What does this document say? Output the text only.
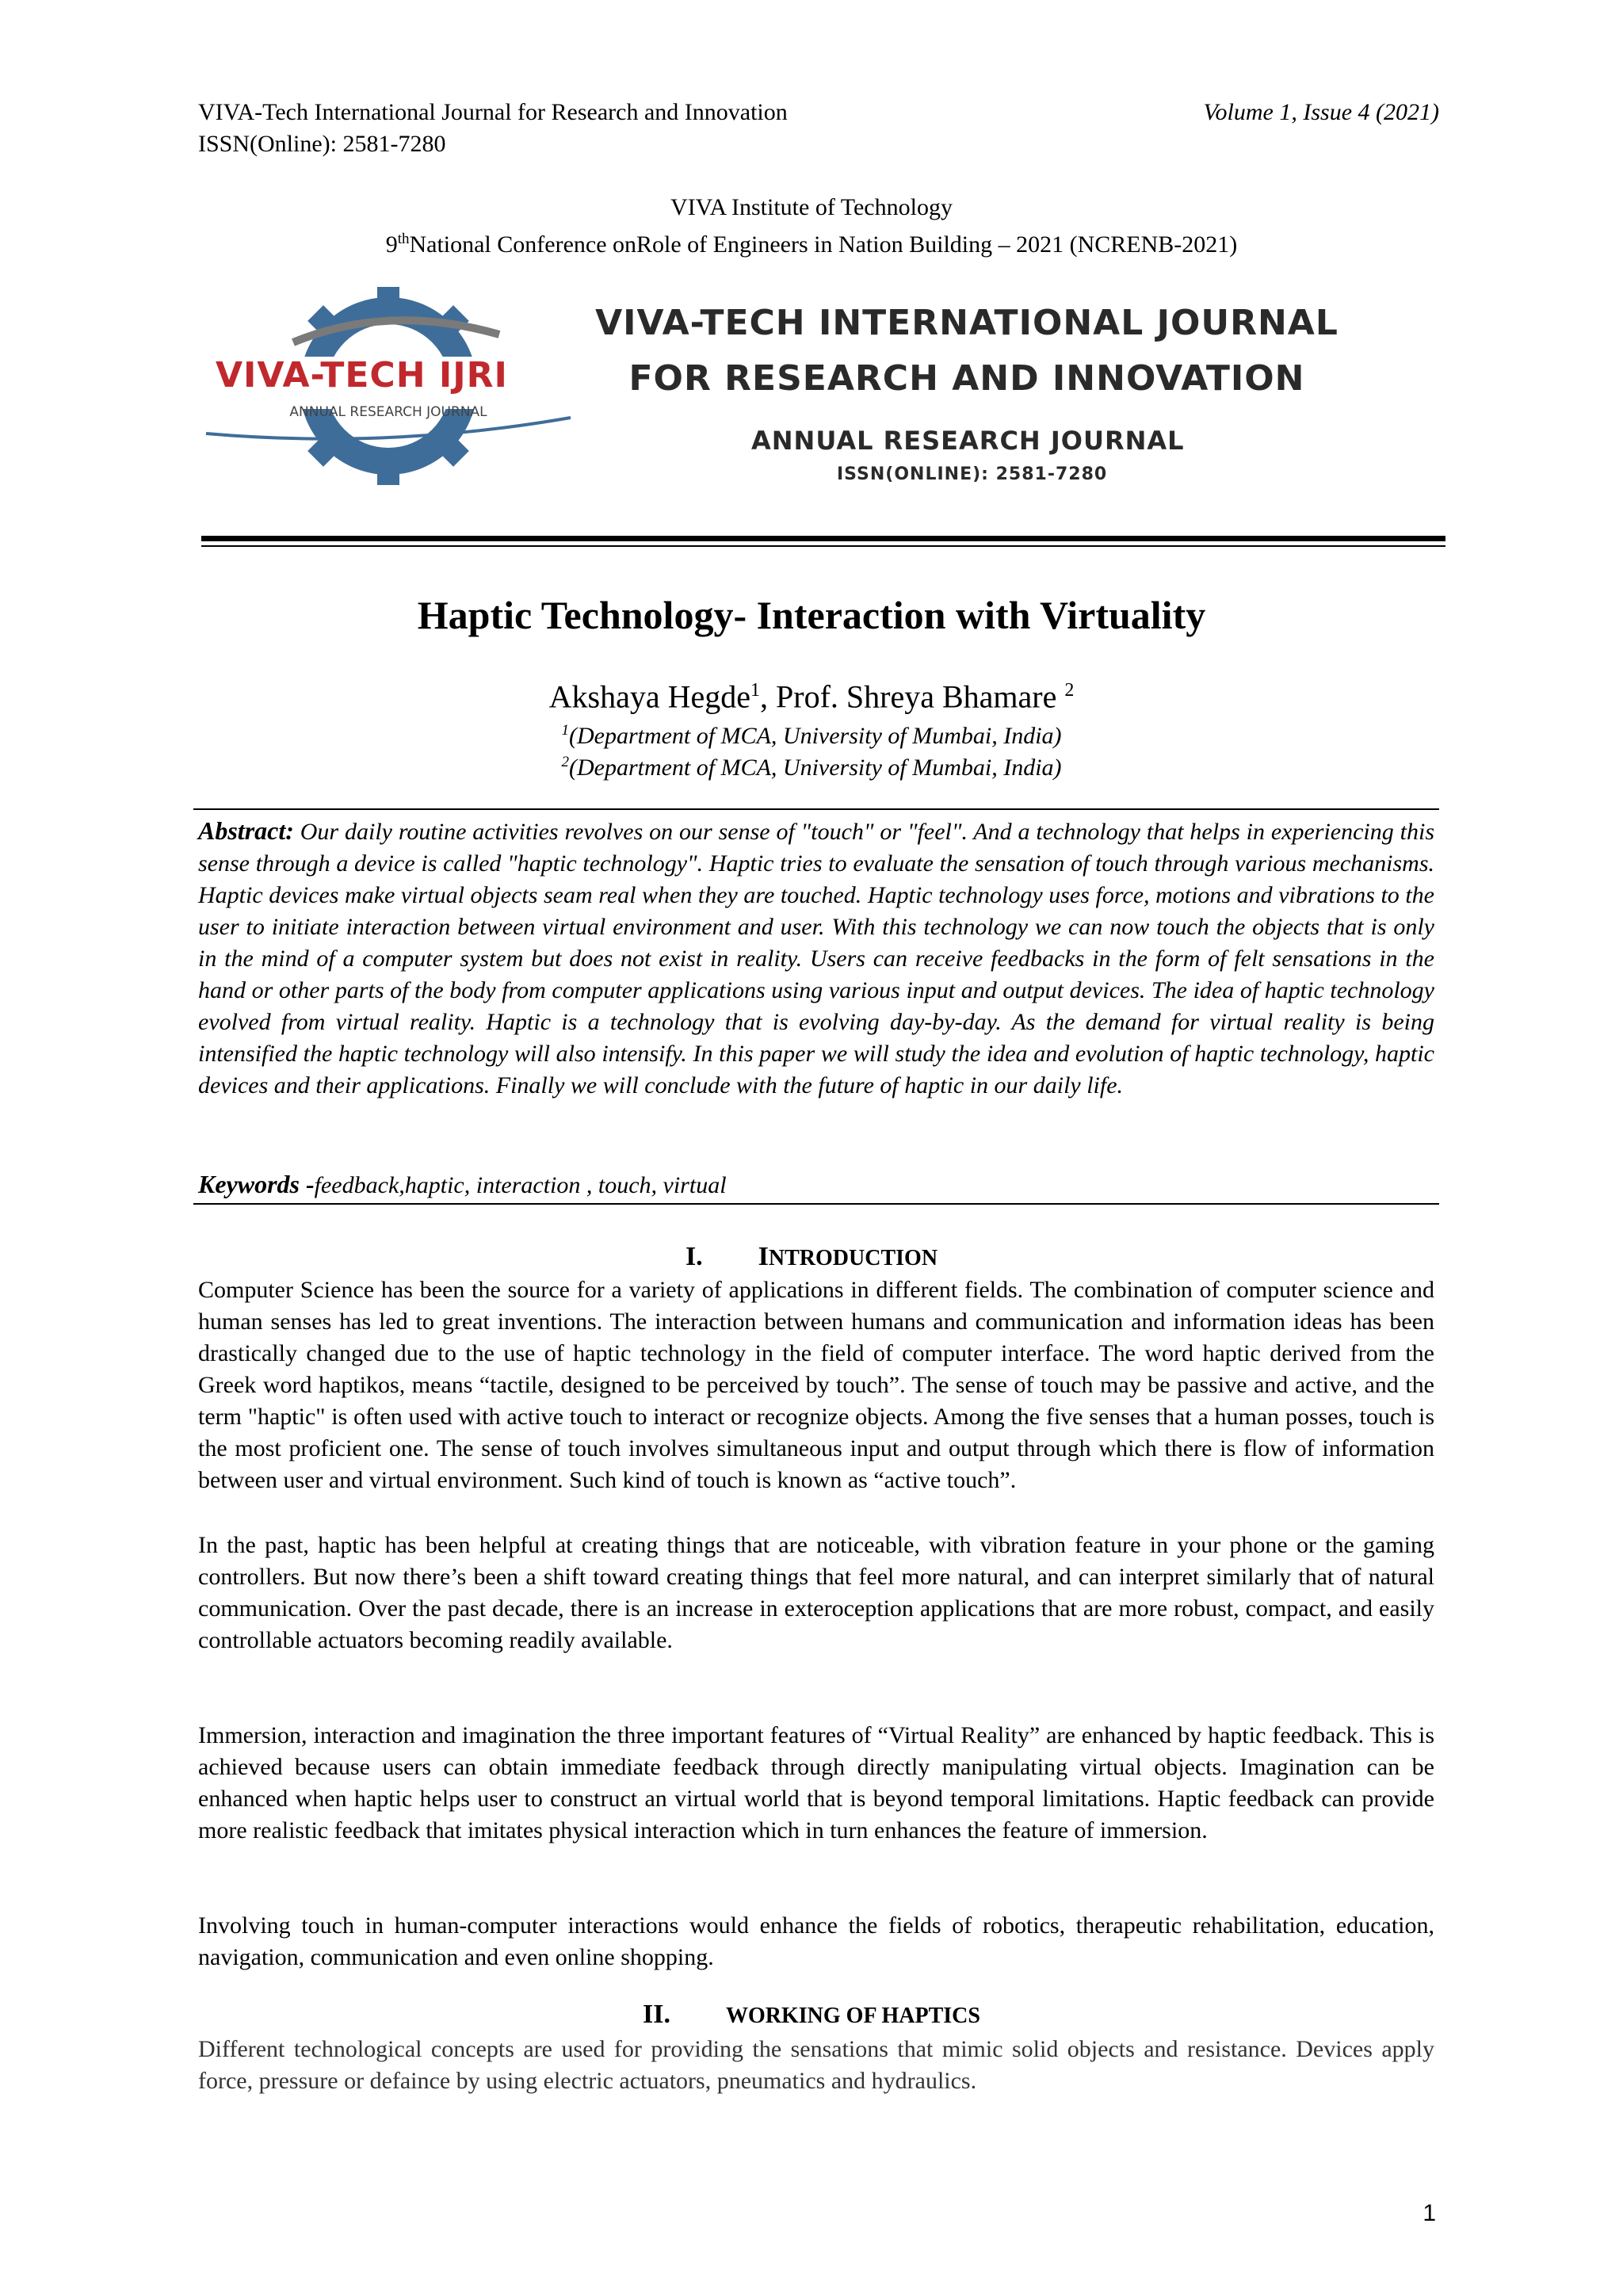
VIVA-Tech International Journal for Research and Innovation	Volume 1, Issue 4 (2021)
ISSN(Online): 2581-7280
VIVA Institute of Technology
9thNational Conference onRole of Engineers in Nation Building – 2021 (NCRENB-2021)
VIVA-TECH IJRI
ANNUAL RESEARCH JOURNAL
VIVA-TECH INTERNATIONAL JOURNAL
FOR RESEARCH AND INNOVATION
ANNUAL RESEARCH JOURNAL
ISSN(ONLINE): 2581-7280
Haptic Technology- Interaction with Virtuality
Akshaya Hegde$^1$, Prof. Shreya Bhamare $^2$
$^1$(Department of MCA, University of Mumbai, India)
$^2$(Department of MCA, University of Mumbai, India)
Abstract: Our daily routine activities revolves on our sense of "touch" or "feel". And a technology that helps in experiencing this sense through a device is called "haptic technology". Haptic tries to evaluate the sensation of touch through various mechanisms. Haptic devices make virtual objects seam real when they are touched. Haptic technology uses force, motions and vibrations to the user to initiate interaction between virtual environment and user. With this technology we can now touch the objects that is only in the mind of a computer system but does not exist in reality. Users can receive feedbacks in the form of felt sensations in the hand or other parts of the body from computer applications using various input and output devices. The idea of haptic technology evolved from virtual reality. Haptic is a technology that is evolving day-by-day. As the demand for virtual reality is being intensified the haptic technology will also intensify. In this paper we will study the idea and evolution of haptic technology, haptic devices and their applications. Finally we will conclude with the future of haptic in our daily life.
Keywords -feedback,haptic, interaction , touch, virtual
I. INTRODUCTION
Computer Science has been the source for a variety of applications in different fields. The combination of computer science and human senses has led to great inventions. The interaction between humans and communication and information ideas has been drastically changed due to the use of haptic technology in the field of computer interface. The word haptic derived from the Greek word haptikos, means “tactile, designed to be perceived by touch”. The sense of touch may be passive and active, and the term "haptic" is often used with active touch to interact or recognize objects. Among the five senses that a human posses, touch is the most proficient one. The sense of touch involves simultaneous input and output through which there is flow of information between user and virtual environment. Such kind of touch is known as “active touch”.
In the past, haptic has been helpful at creating things that are noticeable, with vibration feature in your phone or the gaming controllers. But now there’s been a shift toward creating things that feel more natural, and can interpret similarly that of natural communication. Over the past decade, there is an increase in exteroception applications that are more robust, compact, and easily controllable actuators becoming readily available.
Immersion, interaction and imagination the three important features of “Virtual Reality” are enhanced by haptic feedback. This is achieved because users can obtain immediate feedback through directly manipulating virtual objects. Imagination can be enhanced when haptic helps user to construct an virtual world that is beyond temporal limitations. Haptic feedback can provide more realistic feedback that imitates physical interaction which in turn enhances the feature of immersion.
Involving touch in human-computer interactions would enhance the fields of robotics, therapeutic rehabilitation, education, navigation, communication and even online shopping.
II.	WORKING OF HAPTICS
Different technological concepts are used for providing the sensations that mimic solid objects and resistance. Devices apply force, pressure or defaince by using electric actuators, pneumatics and hydraulics.
1
